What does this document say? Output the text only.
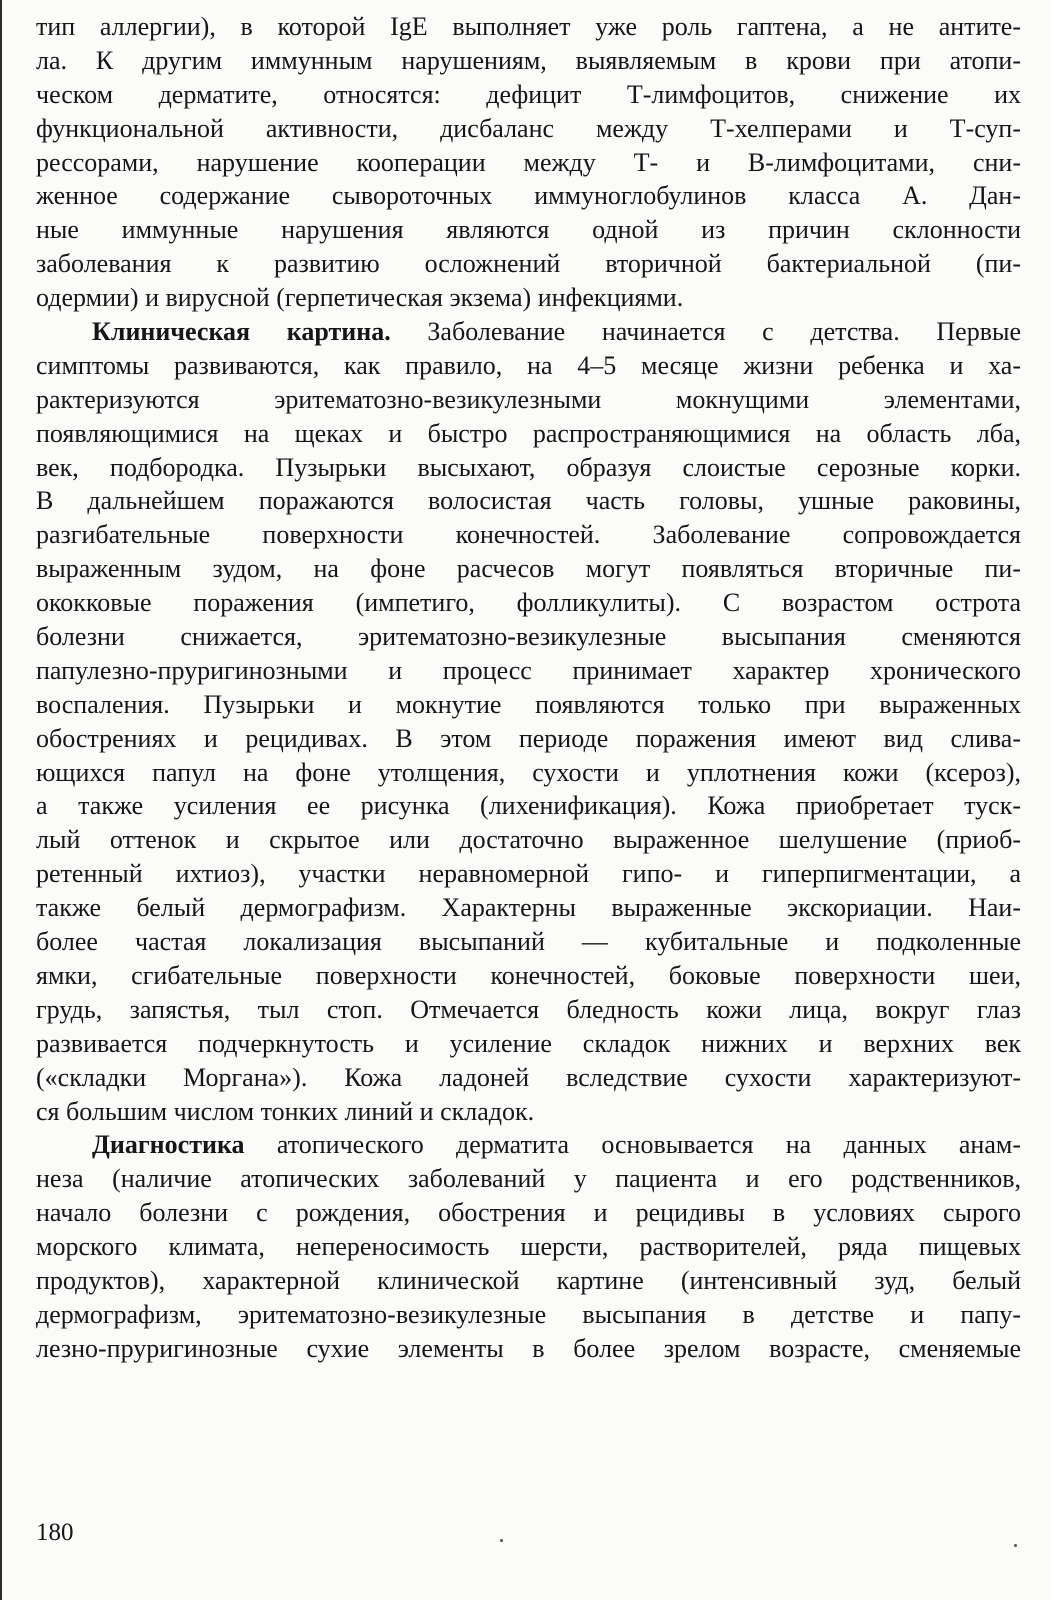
тип аллергии), в которой IgE выполняет уже роль гаптена, а не антите-
ла. К другим иммунным нарушениям, выявляемым в крови при атопи-
ческом дерматите, относятся: дефицит Т-лимфоцитов, снижение их
функциональной активности, дисбаланс между Т-хелперами и Т-суп-
рессорами, нарушение кооперации между Т- и В-лимфоцитами, сни-
женное содержание сывороточных иммуноглобулинов класса А. Дан-
ные иммунные нарушения являются одной из причин склонности
заболевания к развитию осложнений вторичной бактериальной (пи-
одермии) и вирусной (герпетическая экзема) инфекциями.
Клиническая картина. Заболевание начинается с детства. Первые
симптомы развиваются, как правило, на 4–5 месяце жизни ребенка и ха-
рактеризуются эритематозно-везикулезными мокнущими элементами,
появляющимися на щеках и быстро распространяющимися на область лба,
век, подбородка. Пузырьки высыхают, образуя слоистые серозные корки.
В дальнейшем поражаются волосистая часть головы, ушные раковины,
разгибательные поверхности конечностей. Заболевание сопровождается
выраженным зудом, на фоне расчесов могут появляться вторичные пи-
ококковые поражения (импетиго, фолликулиты). С возрастом острота
болезни снижается, эритематозно-везикулезные высыпания сменяются
папулезно-пруригинозными и процесс принимает характер хронического
воспаления. Пузырьки и мокнутие появляются только при выраженных
обострениях и рецидивах. В этом периоде поражения имеют вид слива-
ющихся папул на фоне утолщения, сухости и уплотнения кожи (ксероз),
а также усиления ее рисунка (лихенификация). Кожа приобретает туск-
лый оттенок и скрытое или достаточно выраженное шелушение (приоб-
ретенный ихтиоз), участки неравномерной гипо- и гиперпигментации, а
также белый дермографизм. Характерны выраженные экскориации. Наи-
более частая локализация высыпаний — кубитальные и подколенные
ямки, сгибательные поверхности конечностей, боковые поверхности шеи,
грудь, запястья, тыл стоп. Отмечается бледность кожи лица, вокруг глаз
развивается подчеркнутость и усиление складок нижних и верхних век
(«складки Моргана»). Кожа ладоней вследствие сухости характеризуют-
ся большим числом тонких линий и складок.
Диагностика атопического дерматита основывается на данных анам-
неза (наличие атопических заболеваний у пациента и его родственников,
начало болезни с рождения, обострения и рецидивы в условиях сырого
морского климата, непереносимость шерсти, растворителей, ряда пищевых
продуктов), характерной клинической картине (интенсивный зуд, белый
дермографизм, эритематозно-везикулезные высыпания в детстве и папу-
лезно-пруригинозные сухие элементы в более зрелом возрасте, сменяемые
180
